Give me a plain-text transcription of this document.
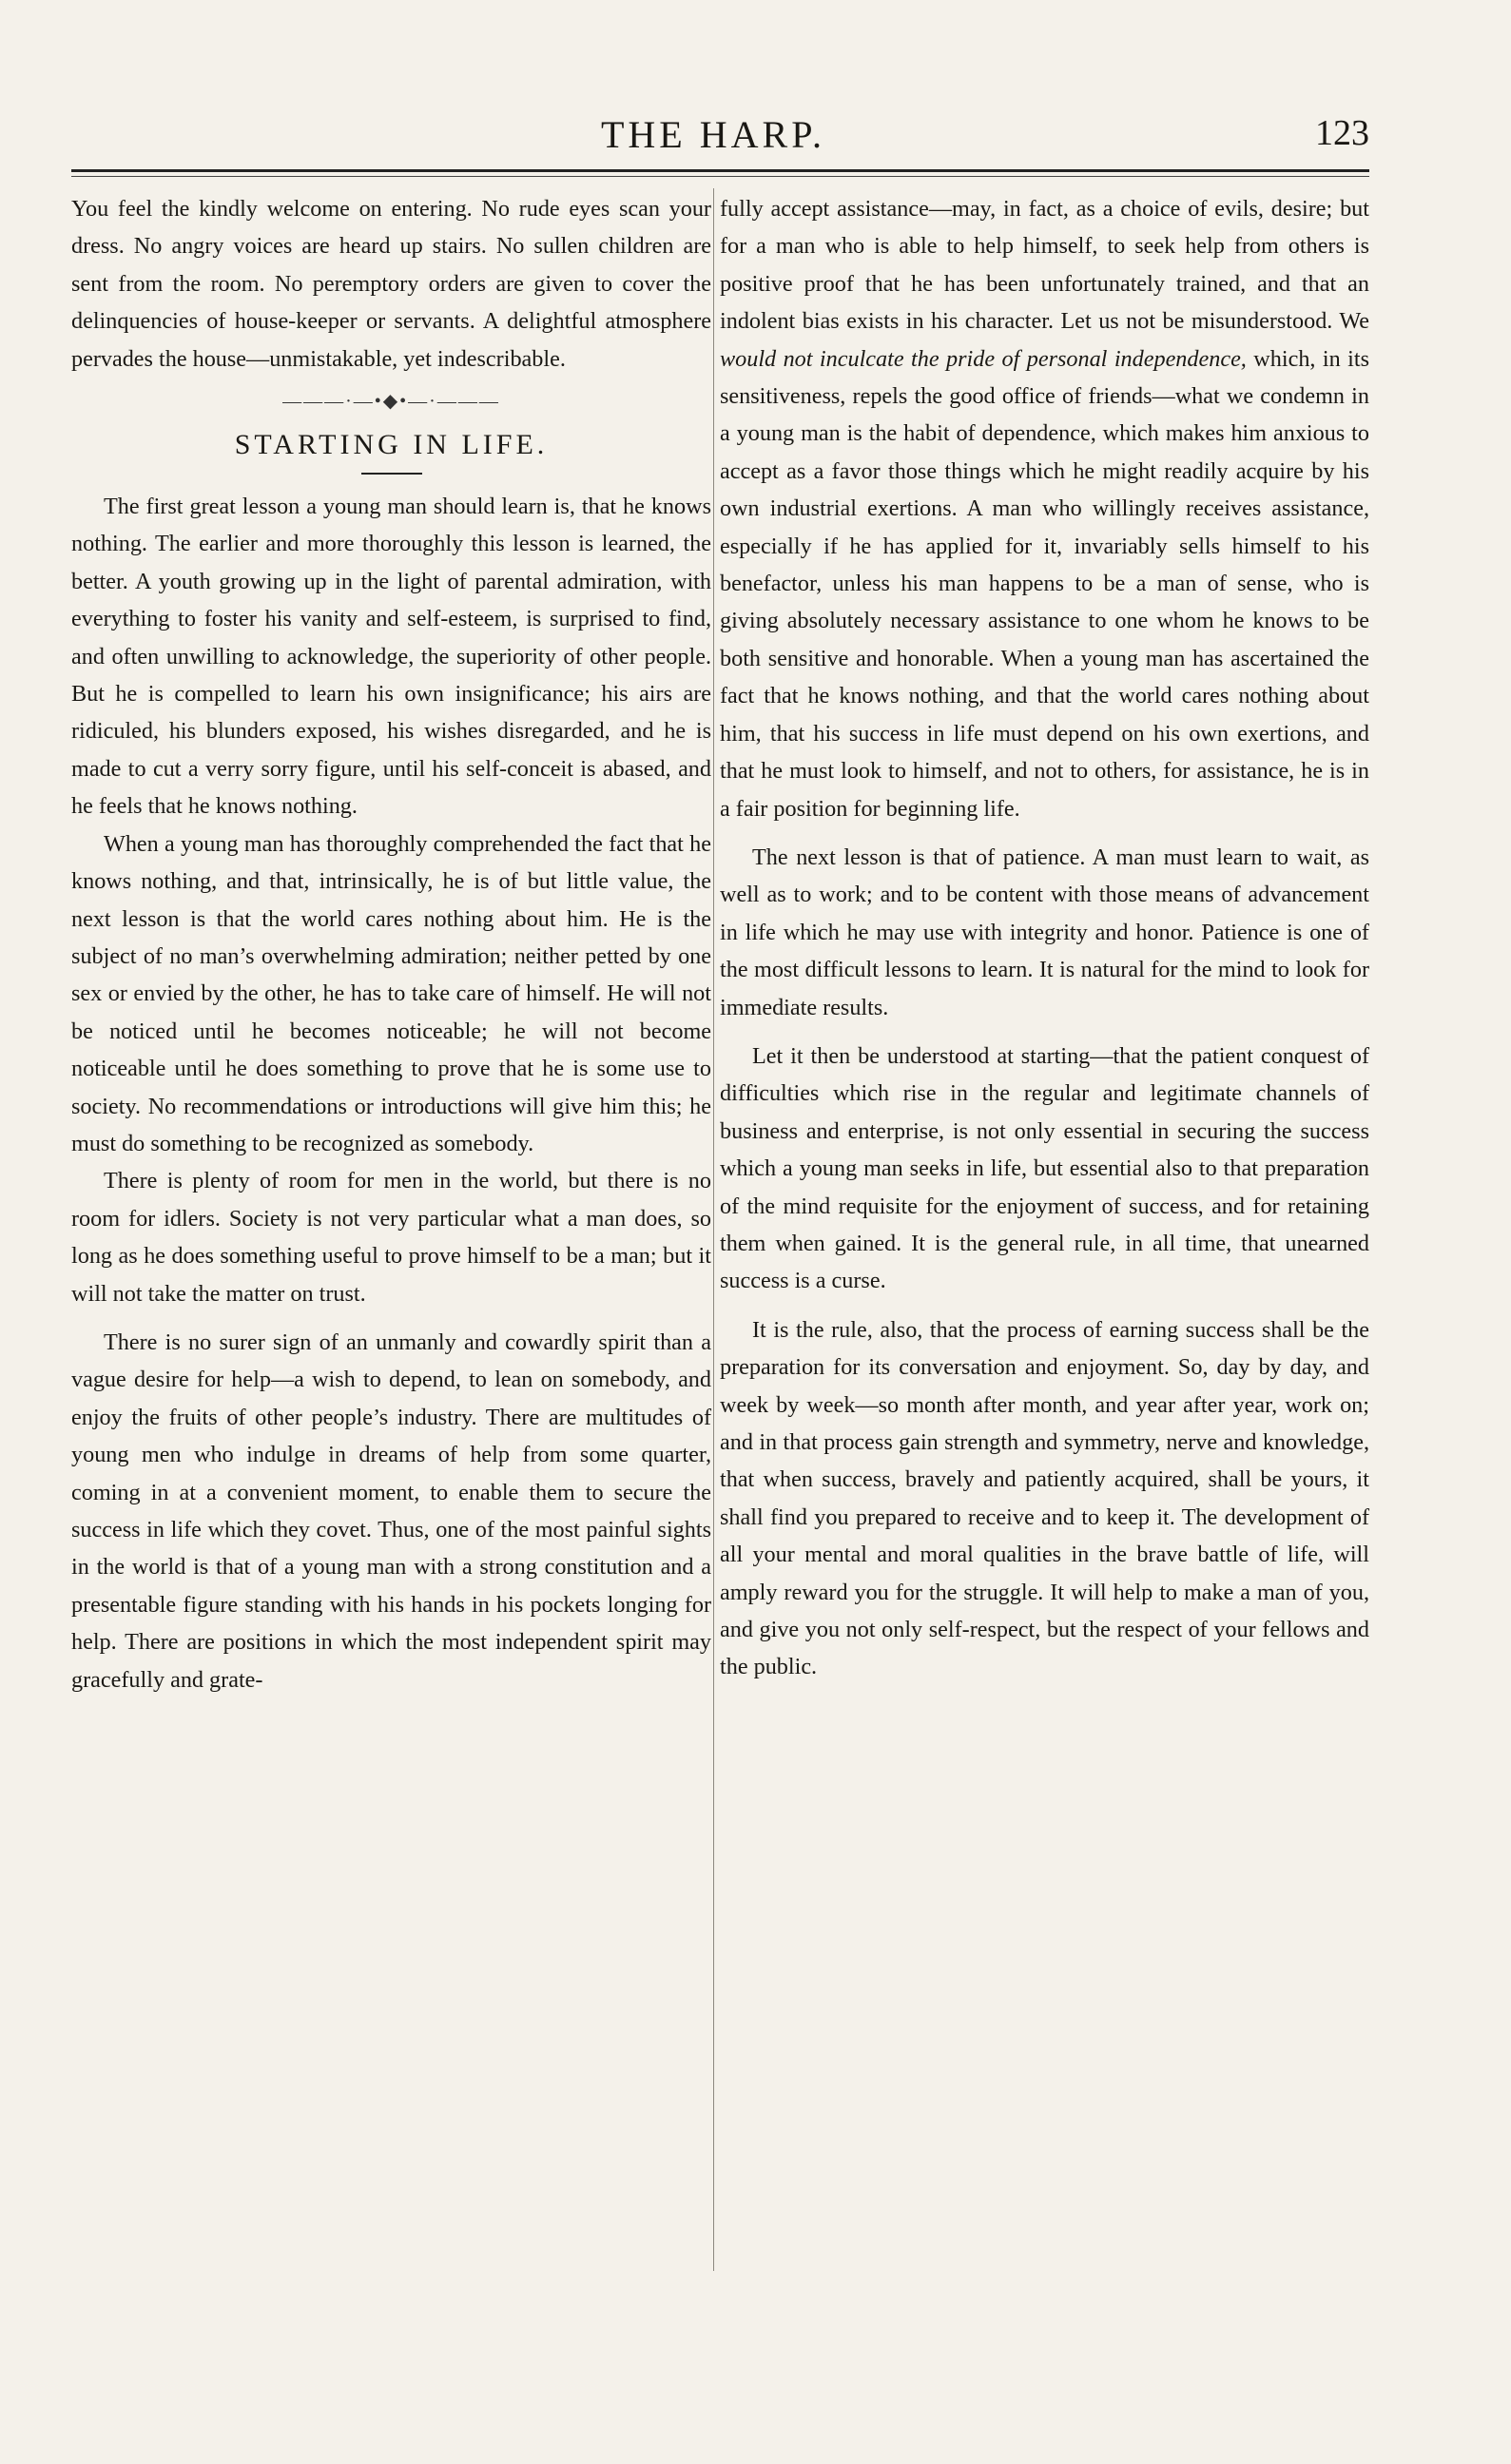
THE HARP.	123

You feel the kindly welcome on entering. No rude eyes scan your dress. No angry voices are heard up stairs. No sullen children are sent from the room. No peremptory orders are given to cover the delinquencies of house-keeper or servants. A delightful atmosphere pervades the house—unmistakable, yet indescribable.

———·—•◆•—·———
STARTING IN LIFE.

The first great lesson a young man should learn is, that he knows nothing. The earlier and more thoroughly this lesson is learned, the better. A youth growing up in the light of parental admiration, with everything to foster his vanity and self-esteem, is surprised to find, and often unwilling to acknowledge, the superiority of other people. But he is compelled to learn his own insignificance; his airs are ridiculed, his blunders exposed, his wishes disregarded, and he is made to cut a verry sorry figure, until his self-conceit is abased, and he feels that he knows nothing.

When a young man has thoroughly comprehended the fact that he knows nothing, and that, intrinsically, he is of but little value, the next lesson is that the world cares nothing about him. He is the subject of no man’s overwhelming admiration; neither petted by one sex or envied by the other, he has to take care of himself. He will not be noticed until he becomes noticeable; he will not become noticeable until he does something to prove that he is some use to society. No recommendations or introductions will give him this; he must do something to be recognized as somebody.

There is plenty of room for men in the world, but there is no room for idlers. Society is not very particular what a man does, so long as he does something useful to prove himself to be a man; but it will not take the matter on trust.

There is no surer sign of an unmanly and cowardly spirit than a vague desire for help—a wish to depend, to lean on somebody, and enjoy the fruits of other people’s industry. There are multitudes of young men who indulge in dreams of help from some quarter, coming in at a convenient moment, to enable them to secure the success in life which they covet. Thus, one of the most painful sights in the world is that of a young man with a strong constitution and a presentable figure standing with his hands in his pockets longing for help. There are positions in which the most independent spirit may gracefully and grate-

fully accept assistance—may, in fact, as a choice of evils, desire; but for a man who is able to help himself, to seek help from others is positive proof that he has been unfortunately trained, and that an indolent bias exists in his character. Let us not be misunderstood. We would not inculcate the pride of personal independence, which, in its sensitiveness, repels the good office of friends—what we condemn in a young man is the habit of dependence, which makes him anxious to accept as a favor those things which he might readily acquire by his own industrial exertions. A man who willingly receives assistance, especially if he has applied for it, invariably sells himself to his benefactor, unless his man happens to be a man of sense, who is giving absolutely necessary assistance to one whom he knows to be both sensitive and honorable. When a young man has ascertained the fact that he knows nothing, and that the world cares nothing about him, that his success in life must depend on his own exertions, and that he must look to himself, and not to others, for assistance, he is in a fair position for beginning life.

The next lesson is that of patience. A man must learn to wait, as well as to work; and to be content with those means of advancement in life which he may use with integrity and honor. Patience is one of the most difficult lessons to learn. It is natural for the mind to look for immediate results.

Let it then be understood at starting—that the patient conquest of difficulties which rise in the regular and legitimate channels of business and enterprise, is not only essential in securing the success which a young man seeks in life, but essential also to that preparation of the mind requisite for the enjoyment of success, and for retaining them when gained. It is the general rule, in all time, that unearned success is a curse.

It is the rule, also, that the process of earning success shall be the preparation for its conversation and enjoyment. So, day by day, and week by week—so month after month, and year after year, work on; and in that process gain strength and symmetry, nerve and knowledge, that when success, bravely and patiently acquired, shall be yours, it shall find you prepared to receive and to keep it. The development of all your mental and moral qualities in the brave battle of life, will amply reward you for the struggle. It will help to make a man of you, and give you not only self-respect, but the respect of your fellows and the public.
